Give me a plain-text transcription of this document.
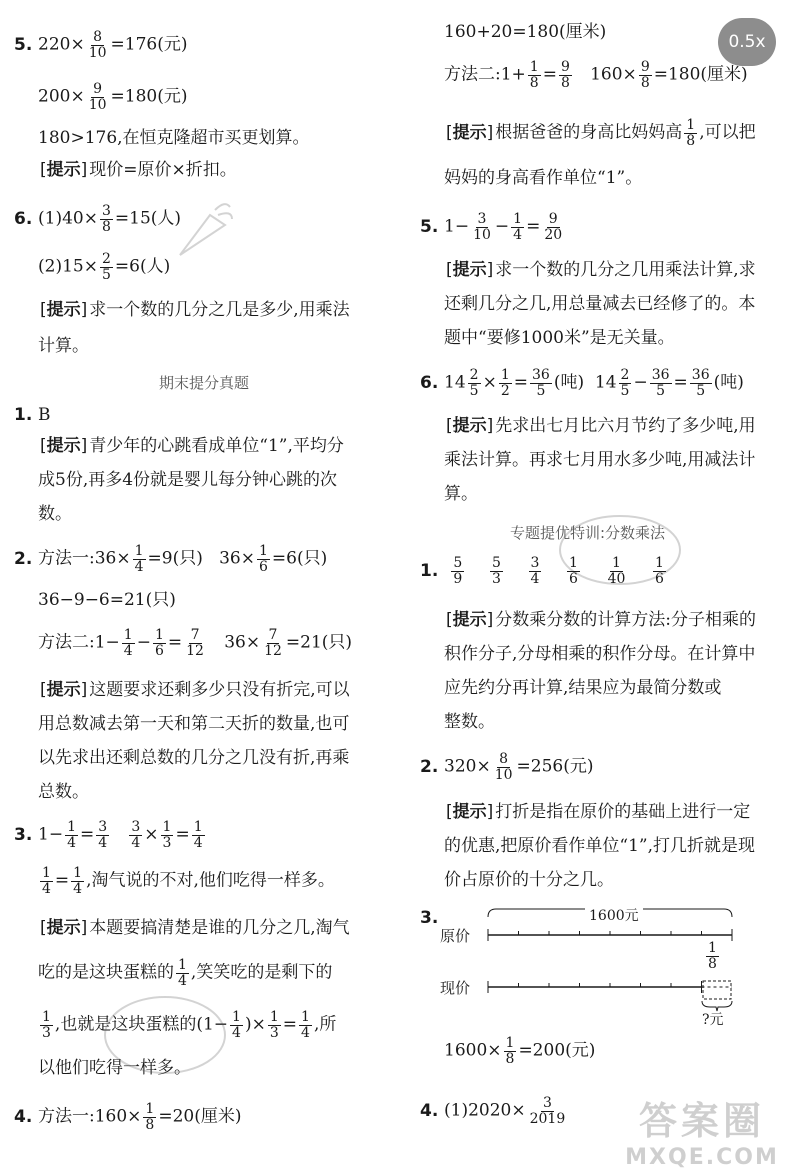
0.5x
5. $220\times \frac{8}{10} =176$(元)
$200\times \frac{9}{10} =180$(元)
180>176,在恒克隆超市买更划算。
[提示] 现价=原价×折扣。
6. $(1)40\times \frac{3}{8} =15$(人)
$(2)15\times \frac{2}{5} =6$(人)
[提示] 求一个数的几分之几是多少,用乘法
计算。
期末提分真题
1. B
[提示] 青少年的心跳看成单位“1”,平均分
成5份,再多4份就是婴儿每分钟心跳的次
数。
2. 方法一:36× $\frac{1}{4} =9$(只) $36\times \frac{1}{6} =6$(只)
36−9−6=21(只)
方法二:1− $\frac{1}{4} - \frac{1}{6} = \frac{7}{12} 36\times \frac{7}{12} =21$(只)
[提示] 这题要求还剩多少只没有折完,可以
用总数减去第一天和第二天折的数量,也可
以先求出还剩总数的几分之几没有折,再乘
总数。
3. $1- \frac{1}{4} = \frac{3}{4}$
$\frac{3}{4} \times \frac{1}{3} = \frac{1}{4}$
$\frac{1}{4} = \frac{1}{4}$ ,淘气说的不对,他们吃得一样多。
[提示] 本题要搞清楚是谁的几分之几,淘气
吃的是这块蛋糕的 $\frac{1}{4}$ ,笑笑吃的是剩下的
$\frac{1}{3}$ ,也就是这块蛋糕的($1- \frac{1}{4}$ )× $\frac{1}{3} = \frac{1}{4}$ ,所
以他们吃得一样多。
4. 方法一:160× $\frac{1}{8} =20$(厘米)
160+20=180(厘米)
方法二:1+ $\frac{1}{8} = \frac{9}{8} 160\times \frac{9}{8} =180$(厘米)
[提示] 根据爸爸的身高比妈妈高 $\frac{1}{8}$ ,可以把
妈妈的身高看作单位“1”。
5. $1- \frac{3}{10} - \frac{1}{4} = \frac{9}{20}$
[提示] 求一个数的几分之几用乘法计算,求
还剩几分之几,用总量减去已经修了的。本
题中“要修1000米”是无关量。
6. $14 \frac{2}{5} \times \frac{1}{2} = \frac{36}{5}$ (吨) $14 \frac{2}{5} - \frac{36}{5} = \frac{36}{5}$ (吨)
[提示] 先求出七月比六月节约了多少吨,用
乘法计算。再求七月用水多少吨,用减法计
算。
专题提优特训:分数乘法
1. $\frac{5}{9}$
$\frac{5}{3}$
$\frac{3}{4}$
$\frac{1}{6}$
$\frac{1}{40}$
$\frac{1}{6}$
[提示] 分数乘分数的计算方法:分子相乘的
积作分子,分母相乘的积作分母。在计算中
应先约分再计算,结果应为最简分数或
整数。
2. $320\times \frac{8}{10} =256$(元)
[提示] 打折是指在原价的基础上进行一定
的优惠,把原价看作单位“1”,打几折就是现
价占原价的十分之几。
3.
$1600\times \frac{1}{8} =200$(元)
4. $(1)2020\times \frac{3}{2019}$
原价
现价
1600元
$\frac{1}{8}$
?元
答案圈
MXQE.COM
